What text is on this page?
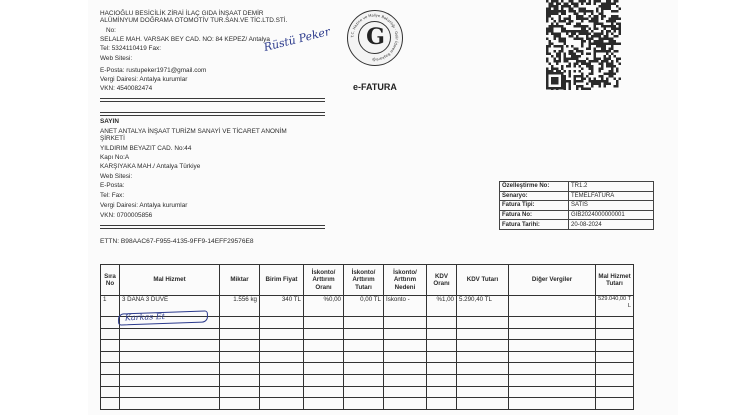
HACIOĞLU BESİCİLİK ZİRAİ İLAÇ GIDA İNŞAAT DEMİR
ALÜMİNYUM DOĞRAMA OTOMOTİV TUR.SAN.VE TİC.LTD.STİ.
No:
SELALE MAH. VARSAK BEY CAD. NO: 84 KEPEZ/ Antalya
Tel: 5324110419 Fax:
Web Sitesi:
E-Posta: rustupeker1971@gmail.com
Vergi Dairesi: Antalya kurumlar
VKN: 4540082474
Rüstü Peker	T.C. Hazine ve Maliye Bakanlığı · Gelir İdaresi Başkanlığı
G
e-FATURA
SAYIN
ANET ANTALYA İNŞAAT TURİZM SANAYİ VE TİCARET ANONİM
ŞİRKETİ
YILDIRIM BEYAZIT CAD. No:44
Kapı No:A
KARŞIYAKA MAH./ Antalya Türkiye
Web Sitesi:
E-Posta:
Tel: Fax:
Vergi Dairesi: Antalya kurumlar
VKN: 0700005856
ETTN: B98AAC67-F955-4135-9FF9-14EFF29576E8
Özelleştirme No:	TR1.2
Senaryo:	TEMELFATURA
Fatura Tipi:	SATIS
Fatura No:	GIB2024000000001
Fatura Tarihi:	20-08-2024
Sıra No	Mal Hizmet	Miktar	Birim Fiyat	İskonto/ Arttırım Oranı	İskonto/ Arttırım Tutarı	İskonto/ Arttırım Nedeni	KDV Oranı	KDV Tutarı	Diğer Vergiler	Mal Hizmet Tutarı
1	3 DANA 3 DUVE	1.556 kg	340 TL	%0,00	0,00 TL	İskonto -	%1,00	5.290,40 TL		529.040,00 TL

Karkas Et
